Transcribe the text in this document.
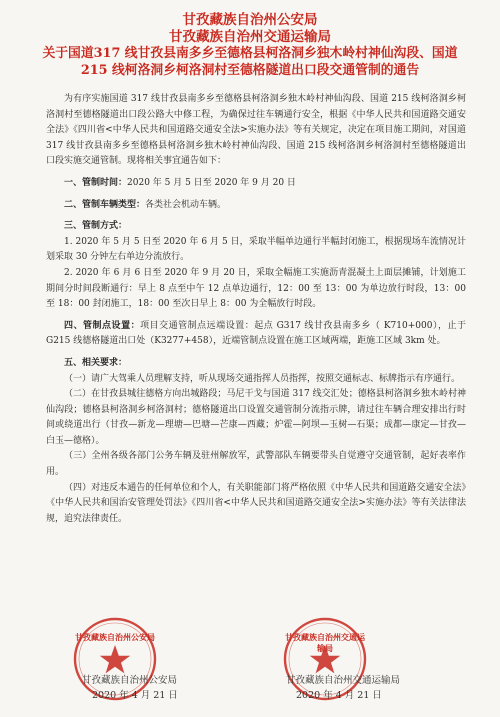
甘孜藏族自治州公安局
甘孜藏族自治州交通运输局
关于国道317 线甘孜县南多乡至德格县柯洛洞乡独木岭村神仙沟段、国道
215 线柯洛洞乡柯洛洞村至德格隧道出口段交通管制的通告

为有序实施国道 317 线甘孜县南多乡至德格县柯洛洞乡独木岭村神仙沟段、国道 215 线柯洛洞乡柯洛洞村至德格隧道出口段公路大中修工程，为确保过往车辆通行安全，根据《中华人民共和国道路交通安全法》《四川省<中华人民共和国道路交通安全法>实施办法》等有关规定，决定在项目施工期间，对国道317 线甘孜县南多乡至德格县柯洛洞乡独木岭村神仙沟段、国道 215 线柯洛洞乡柯洛洞村至德格隧道出口段实施交通管制。现将相关事宜通告如下：

一、管制时间：2020 年 5 月 5 日至 2020 年 9 月 20 日

二、管制车辆类型：各类社会机动车辆。

三、管制方式：

1. 2020 年 5 月 5 日至 2020 年 6 月 5 日，采取半幅单边通行半幅封闭施工，根据现场车流情况计划采取 30 分钟左右单边分流放行。

2. 2020 年 6 月 6 日至 2020 年 9 月 20 日，采取全幅施工实施沥青混凝土上面层摊铺，计划施工期间分时间段断通行：早上 8 点至中午 12 点单边通行，12：00 至 13：00 为单边放行时段，13：00 至 18：00 封闭施工，18：00 至次日早上 8：00 为全幅放行时段。

四、管制点设置：项目交通管制点远端设置：起点 G317 线甘孜县南多乡（ K710+000），止于 G215 线德格隧道出口处（K3277+458），近端管制点设置在施工区域两端，距施工区域 3km 处。

五、相关要求：

（一）请广大驾乘人员理解支持，听从现场交通指挥人员指挥，按照交通标志、标牌指示有序通行。

（二）在甘孜县城往德格方向出城路段；马尼干戈与国道 317 线交汇处；德格县柯洛洞乡独木岭村神仙沟段；德格县柯洛洞乡柯洛洞村；德格隧道出口设置交通管制分流指示牌，请过往车辆合理安排出行时间或绕道出行（甘孜—新龙—理塘—巴塘—芒康—西藏；炉霍—阿坝—玉树—石渠；成都—康定—甘孜—白玉—德格）。

（三）全州各级各部门公务车辆及驻州解放军，武警部队车辆要带头自觉遵守交通管制，起好表率作用。

（四）对违反本通告的任何单位和个人，有关职能部门将严格依照《中华人民共和国道路交通安全法》《中华人民共和国治安管理处罚法》《四川省<中华人民共和国道路交通安全法>实施办法》等有关法律法规，追究法律责任。

甘孜藏族自治州公安局	甘孜藏族自治州交通运输局
甘孜藏族自治州公安局
2020 年 4 月 21 日
甘孜藏族自治州交通运输局
2020 年 4 月 21 日
